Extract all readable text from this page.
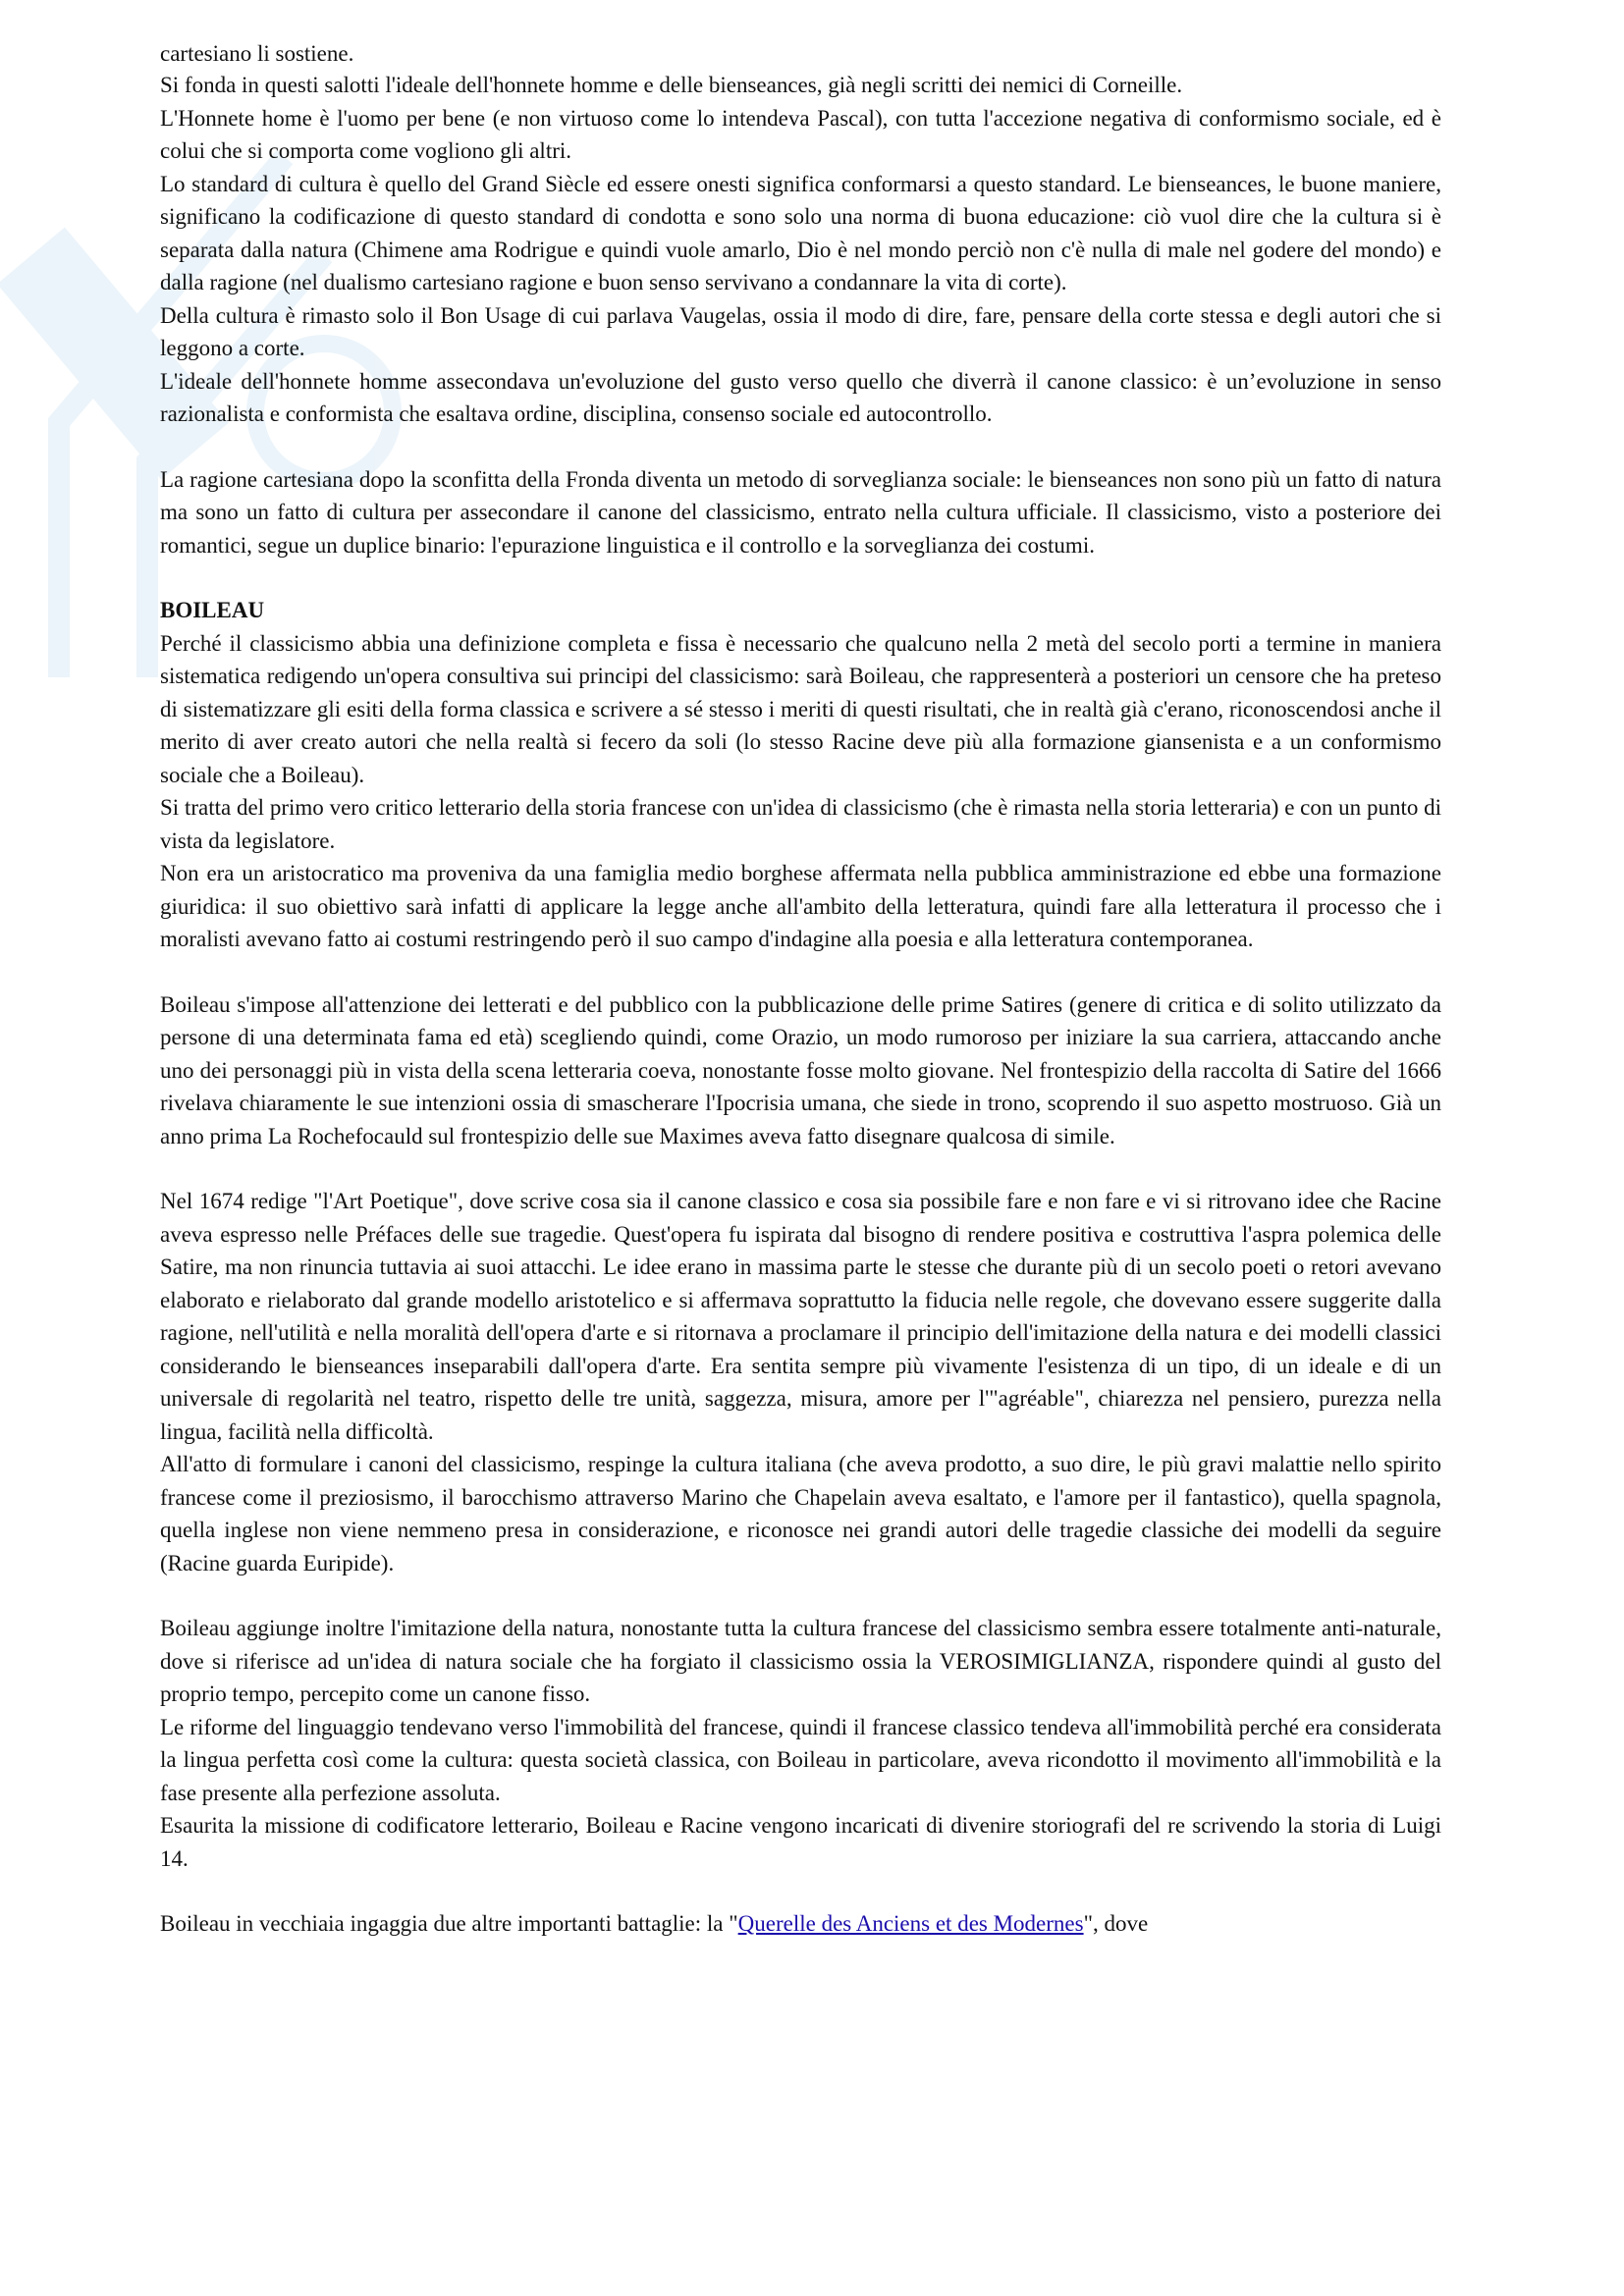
cartesiano li sostiene.

Si fonda in questi salotti l'ideale dell'honnete homme e delle bienseances, già negli scritti dei nemici di Corneille.

L'Honnete home è l'uomo per bene (e non virtuoso come lo intendeva Pascal), con tutta l'accezione negativa di conformismo sociale, ed è colui che si comporta come vogliono gli altri.

Lo standard di cultura è quello del Grand Siècle ed essere onesti significa conformarsi a questo standard. Le bienseances, le buone maniere, significano la codificazione di questo standard di condotta e sono solo una norma di buona educazione: ciò vuol dire che la cultura si è separata dalla natura (Chimene ama Rodrigue e quindi vuole amarlo, Dio è nel mondo perciò non c'è nulla di male nel godere del mondo) e dalla ragione (nel dualismo cartesiano ragione e buon senso servivano a condannare la vita di corte).

Della cultura è rimasto solo il Bon Usage di cui parlava Vaugelas, ossia il modo di dire, fare, pensare della corte stessa e degli autori che si leggono a corte.

L'ideale dell'honnete homme assecondava un'evoluzione del gusto verso quello che diverrà il canone classico: è un’evoluzione in senso razionalista e conformista che esaltava ordine, disciplina, consenso sociale ed autocontrollo.

La ragione cartesiana dopo la sconfitta della Fronda diventa un metodo di sorveglianza sociale: le bienseances non sono più un fatto di natura ma sono un fatto di cultura per assecondare il canone del classicismo, entrato nella cultura ufficiale. Il classicismo, visto a posteriore dei romantici, segue un duplice binario: l'epurazione linguistica e il controllo e la sorveglianza dei costumi.

BOILEAU

Perché il classicismo abbia una definizione completa e fissa è necessario che qualcuno nella 2 metà del secolo porti a termine in maniera sistematica redigendo un'opera consultiva sui principi del classicismo: sarà Boileau, che rappresenterà a posteriori un censore che ha preteso di sistematizzare gli esiti della forma classica e scrivere a sé stesso i meriti di questi risultati, che in realtà già c'erano, riconoscendosi anche il merito di aver creato autori che nella realtà si fecero da soli (lo stesso Racine deve più alla formazione giansenista e a un conformismo sociale che a Boileau).

Si tratta del primo vero critico letterario della storia francese con un'idea di classicismo (che è rimasta nella storia letteraria) e con un punto di vista da legislatore.

Non era un aristocratico ma proveniva da una famiglia medio borghese affermata nella pubblica amministrazione ed ebbe una formazione giuridica: il suo obiettivo sarà infatti di applicare la legge anche all'ambito della letteratura, quindi fare alla letteratura il processo che i moralisti avevano fatto ai costumi restringendo però il suo campo d'indagine alla poesia e alla letteratura contemporanea.

Boileau s'impose all'attenzione dei letterati e del pubblico con la pubblicazione delle prime Satires (genere di critica e di solito utilizzato da persone di una determinata fama ed età) scegliendo quindi, come Orazio, un modo rumoroso per iniziare la sua carriera, attaccando anche uno dei personaggi più in vista della scena letteraria coeva, nonostante fosse molto giovane. Nel frontespizio della raccolta di Satire del 1666 rivelava chiaramente le sue intenzioni ossia di smascherare l'Ipocrisia umana, che siede in trono, scoprendo il suo aspetto mostruoso. Già un anno prima La Rochefocauld sul frontespizio delle sue Maximes aveva fatto disegnare qualcosa di simile.

Nel 1674 redige "l'Art Poetique", dove scrive cosa sia il canone classico e cosa sia possibile fare e non fare e vi si ritrovano idee che Racine aveva espresso nelle Préfaces delle sue tragedie. Quest'opera fu ispirata dal bisogno di rendere positiva e costruttiva l'aspra polemica delle Satire, ma non rinuncia tuttavia ai suoi attacchi. Le idee erano in massima parte le stesse che durante più di un secolo poeti o retori avevano elaborato e rielaborato dal grande modello aristotelico e si affermava soprattutto la fiducia nelle regole, che dovevano essere suggerite dalla ragione, nell'utilità e nella moralità dell'opera d'arte e si ritornava a proclamare il principio dell'imitazione della natura e dei modelli classici considerando le bienseances inseparabili dall'opera d'arte. Era sentita sempre più vivamente l'esistenza di un tipo, di un ideale e di un universale di regolarità nel teatro, rispetto delle tre unità, saggezza, misura, amore per l'"agréable", chiarezza nel pensiero, purezza nella lingua, facilità nella difficoltà.

All'atto di formulare i canoni del classicismo, respinge la cultura italiana (che aveva prodotto, a suo dire, le più gravi malattie nello spirito francese come il preziosismo, il barocchismo attraverso Marino che Chapelain aveva esaltato, e l'amore per il fantastico), quella spagnola, quella inglese non viene nemmeno presa in considerazione, e riconosce nei grandi autori delle tragedie classiche dei modelli da seguire (Racine guarda Euripide).

Boileau aggiunge inoltre l'imitazione della natura, nonostante tutta la cultura francese del classicismo sembra essere totalmente anti-naturale, dove si riferisce ad un'idea di natura sociale che ha forgiato il classicismo ossia la VEROSIMIGLIANZA, rispondere quindi al gusto del proprio tempo, percepito come un canone fisso.

Le riforme del linguaggio tendevano verso l'immobilità del francese, quindi il francese classico tendeva all'immobilità perché era considerata la lingua perfetta così come la cultura: questa società classica, con Boileau in particolare, aveva ricondotto il movimento all'immobilità e la fase presente alla perfezione assoluta.

Esaurita la missione di codificatore letterario, Boileau e Racine vengono incaricati di divenire storiografi del re scrivendo la storia di Luigi 14.

Boileau in vecchiaia ingaggia due altre importanti battaglie: la "Querelle des Anciens et des Modernes", dove
